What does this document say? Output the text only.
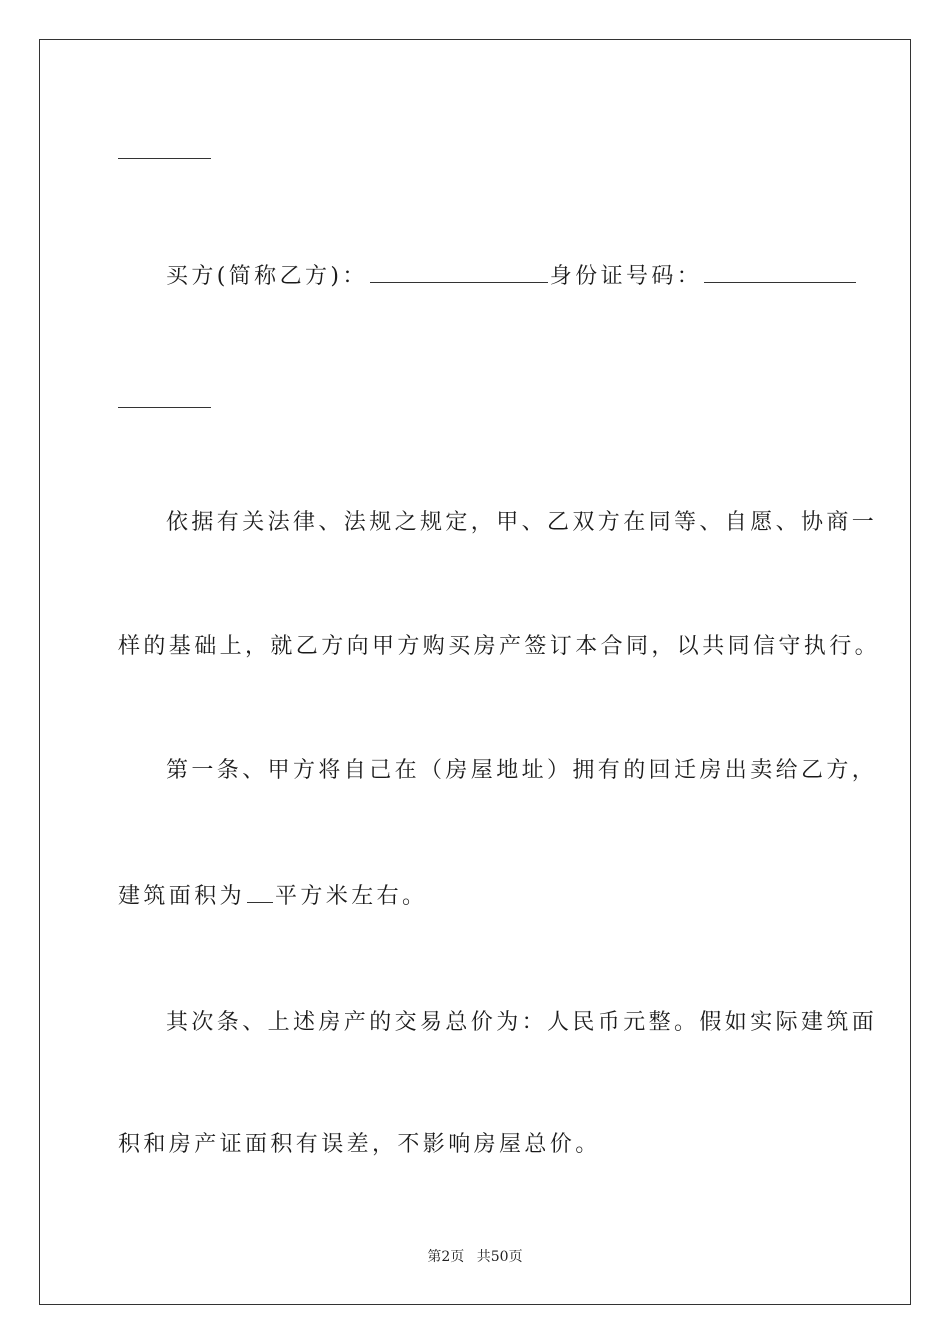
买方(简称乙方)：	身份证号码：
依据有关法律、法规之规定，甲、乙双方在同等、自愿、协商一
样的基础上，就乙方向甲方购买房产签订本合同，以共同信守执行。
第一条、甲方将自己在（房屋地址）拥有的回迁房出卖给乙方，
建筑面积为 平方米左右。
其次条、上述房产的交易总价为：人民币元整。假如实际建筑面
积和房产证面积有误差，不影响房屋总价。
第2页 共50页
